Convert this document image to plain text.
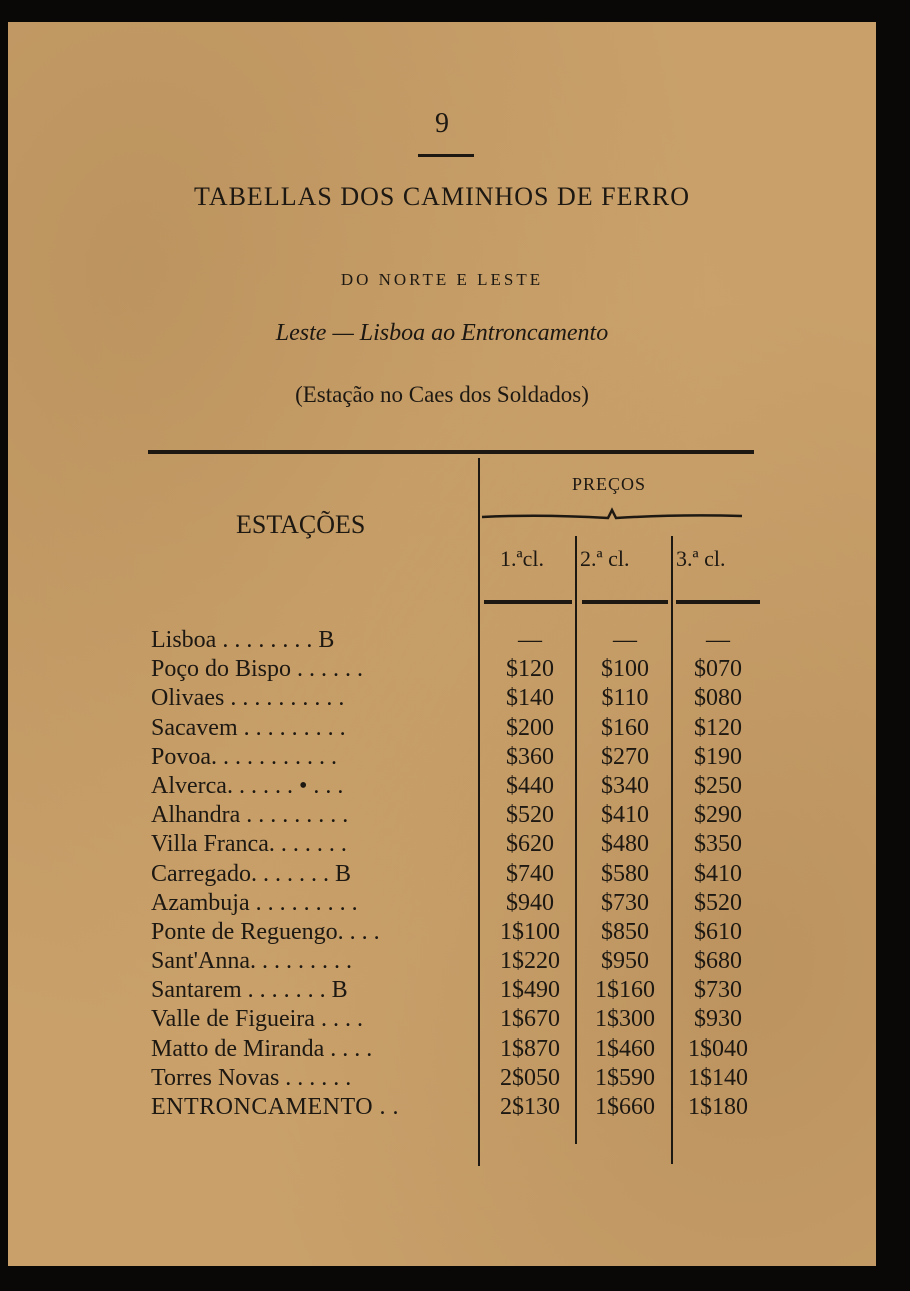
9
TABELLAS DOS CAMINHOS DE FERRO
DO NORTE E LESTE
Leste — Lisboa ao Entroncamento
(Estação no Caes dos Soldados)
PREÇOS
ESTAÇÕES
1.ªcl. 2.ª cl. 3.ª cl.
Lisboa . . . . . . . . B	—	—	—
Poço do Bispo . . . . . .	$120	$100	$070
Olivaes . . . . . . . . . .	$140	$110	$080
Sacavem . . . . . . . . .	$200	$160	$120
Povoa. . . . . . . . . . .	$360	$270	$190
Alverca. . . . . . • . . .	$440	$340	$250
Alhandra . . . . . . . . .	$520	$410	$290
Villa Franca. . . . . . .	$620	$480	$350
Carregado. . . . . . . B	$740	$580	$410
Azambuja . . . . . . . . .	$940	$730	$520
Ponte de Reguengo. . . .	1$100	$850	$610
Sant'Anna. . . . . . . . .	1$220	$950	$680
Santarem . . . . . . . B	1$490	1$160	$730
Valle de Figueira . . . .	1$670	1$300	$930
Matto de Miranda . . . .	1$870	1$460	1$040
Torres Novas . . . . . .	2$050	1$590	1$140
ENTRONCAMENTO . .	2$130	1$660	1$180
